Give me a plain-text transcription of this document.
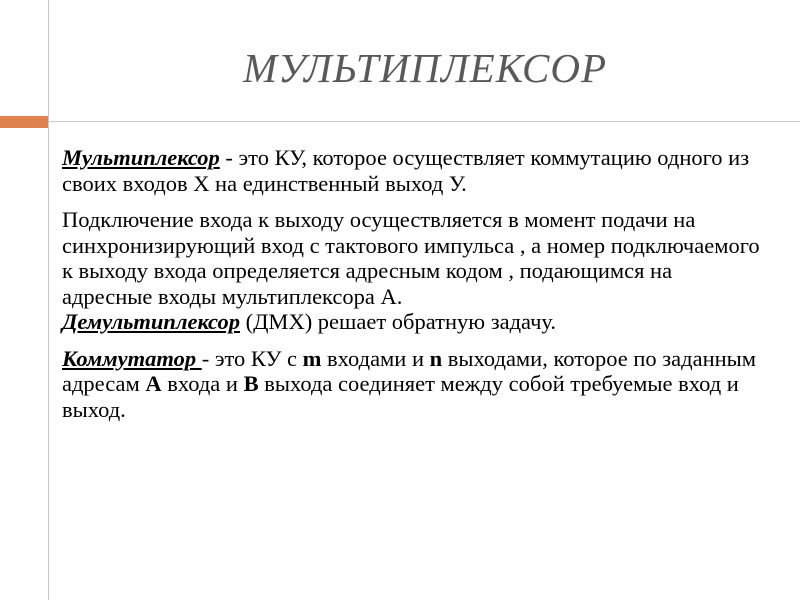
МУЛЬТИПЛЕКСОР

Мультиплексор - это КУ, которое осуществляет коммутацию одного из своих входов Х на единственный выход У.

Подключение входа к выходу осуществляется в момент подачи на синхронизирующий вход с тактового импульса , а номер подключаемого к выходу входа определяется адресным кодом , подающимся на адресные входы мультиплексора А.

Демультиплексор (ДМХ) решает обратную задачу.

Коммутатор - это КУ с m входами и n выходами, которое по заданным адресам А входа и В выхода соединяет между собой требуемые вход и выход.
